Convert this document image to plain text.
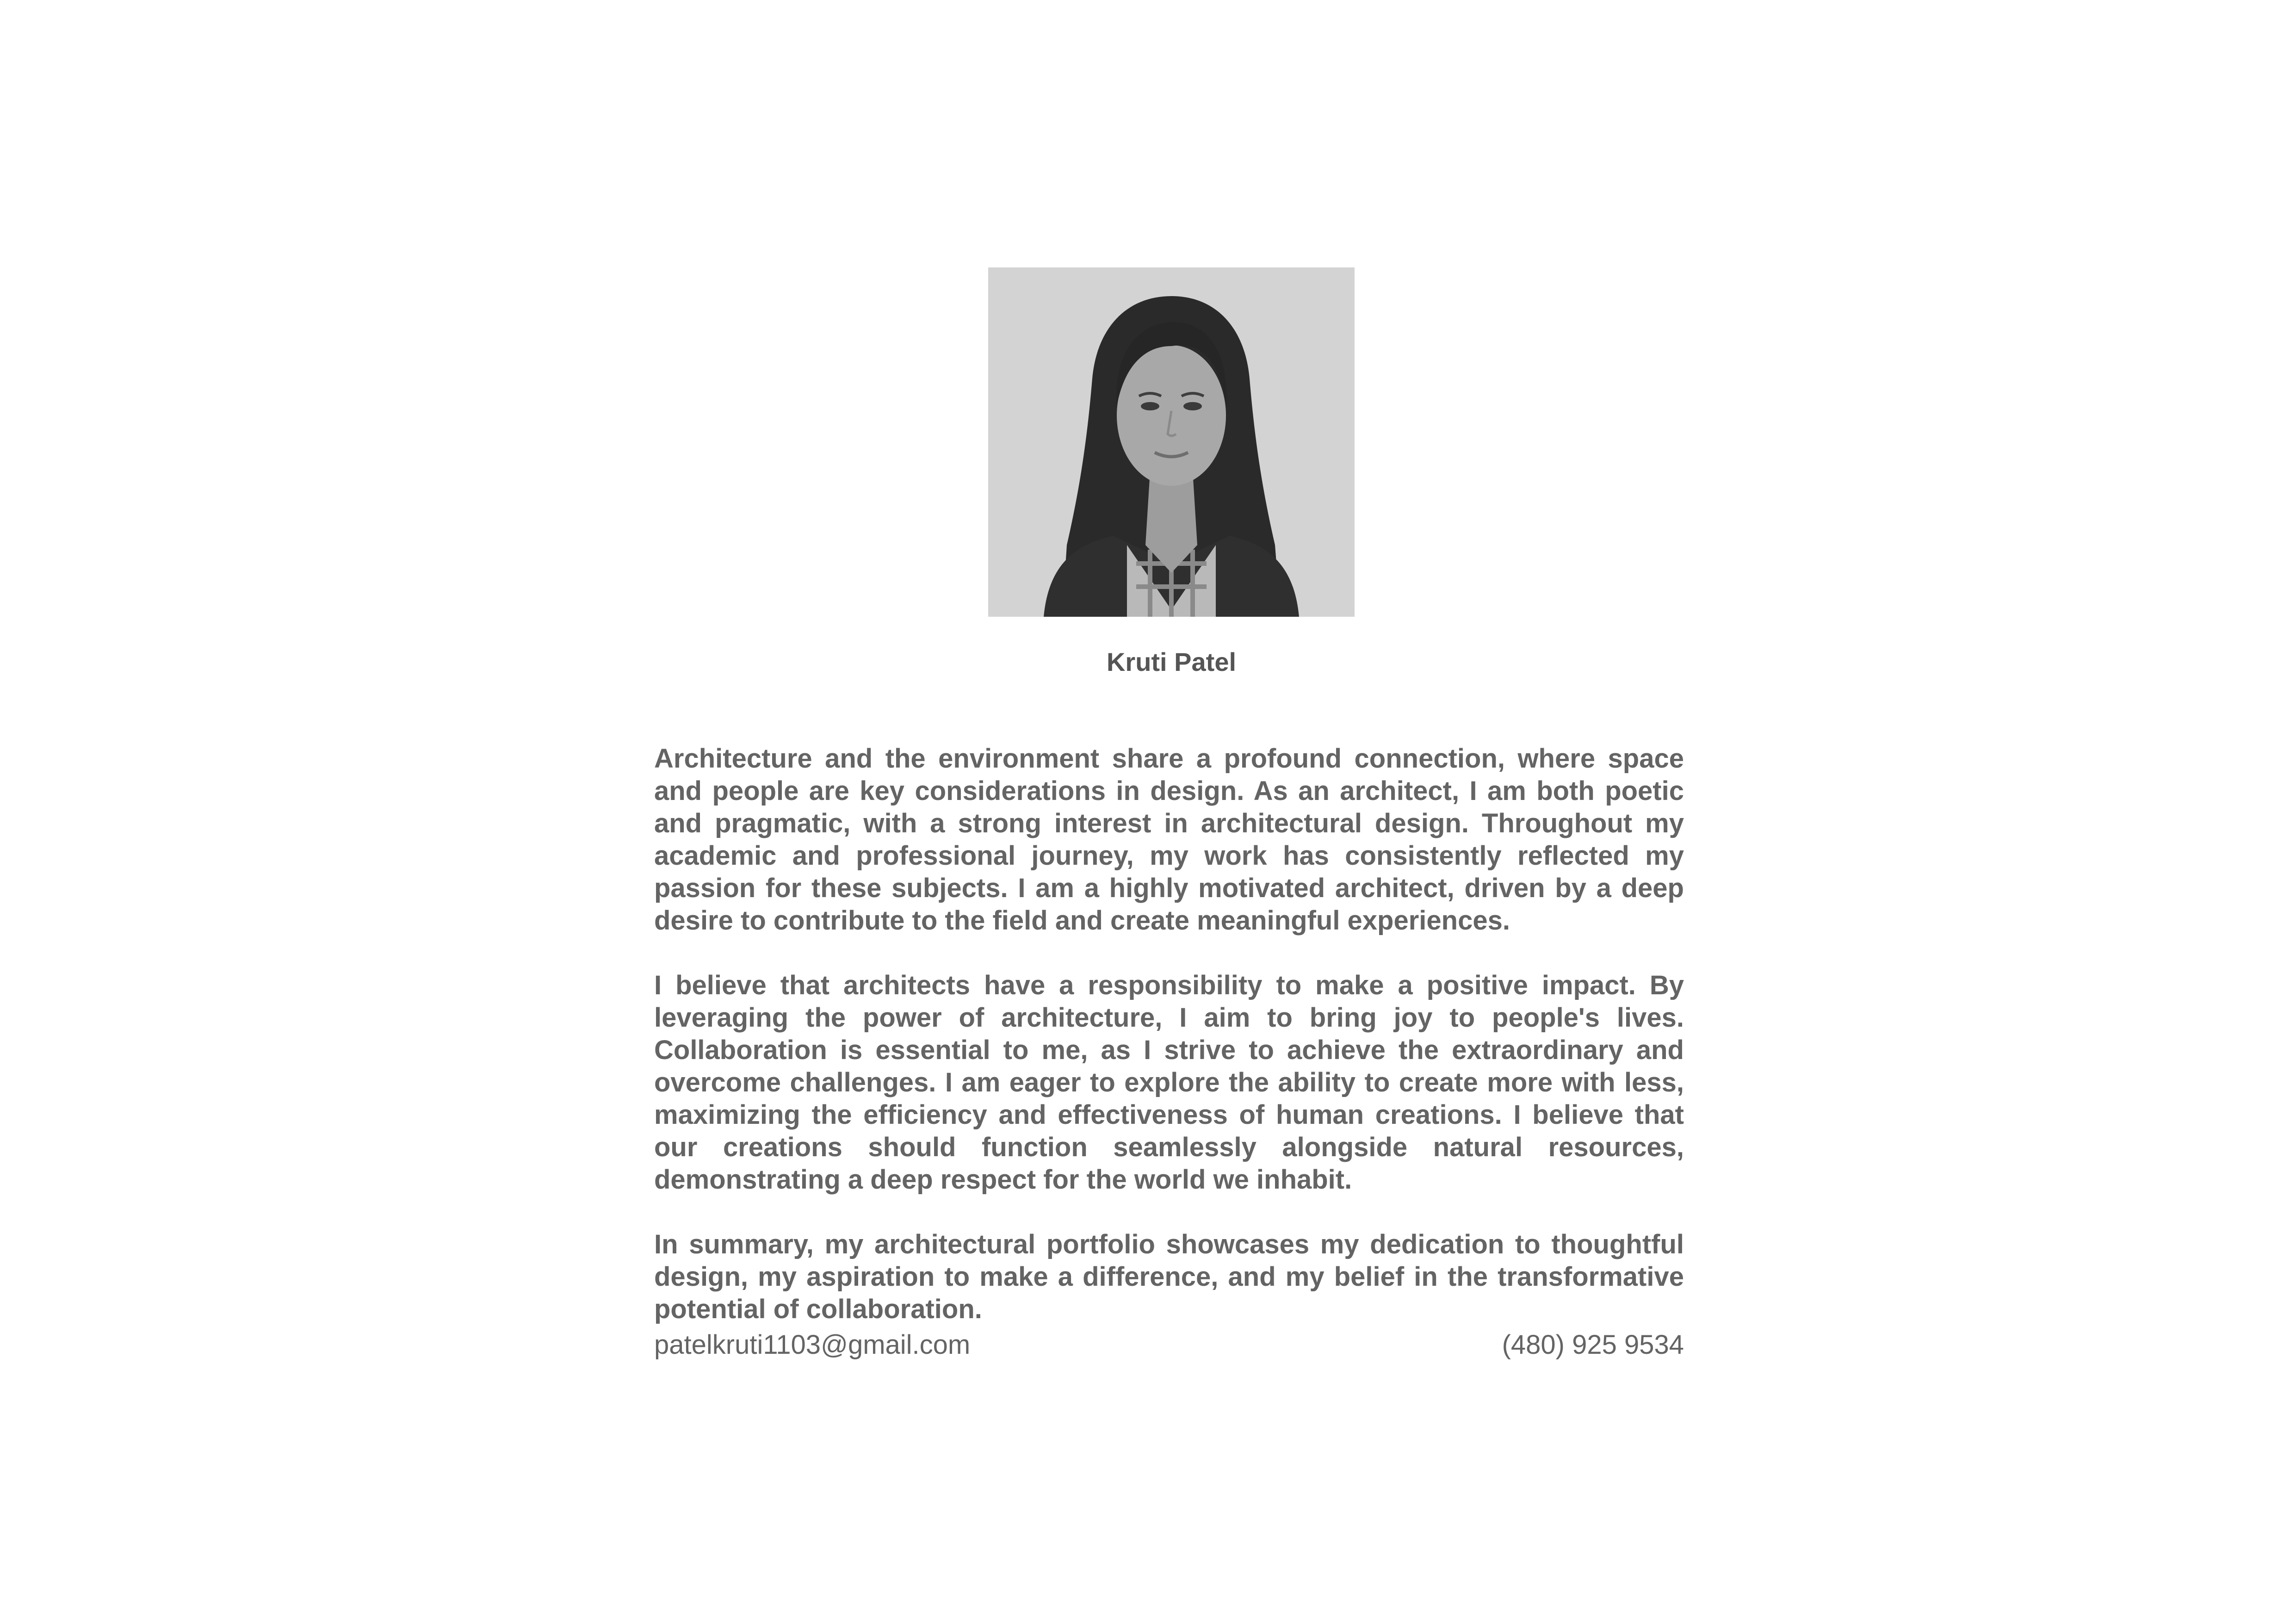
Kruti Patel

Architecture and the environment share a profound connection, where space and people are key considerations in design. As an architect, I am both poetic and pragmatic, with a strong interest in architectural design. Throughout my academic and professional journey, my work has consistently reflected my passion for these subjects. I am a highly motivated architect, driven by a deep desire to contribute to the field and create meaningful experiences.

I believe that architects have a responsibility to make a positive impact. By leveraging the power of architecture, I aim to bring joy to people's lives. Collaboration is essential to me, as I strive to achieve the extraordinary and overcome challenges. I am eager to explore the ability to create more with less, maximizing the efficiency and effectiveness of human creations. I believe that our creations should function seamlessly alongside natural resources, demonstrating a deep respect for the world we inhabit.

In summary, my architectural portfolio showcases my dedication to thoughtful design, my aspiration to make a difference, and my belief in the transformative potential of collaboration.

patelkruti1103@gmail.com	(480) 925 9534
